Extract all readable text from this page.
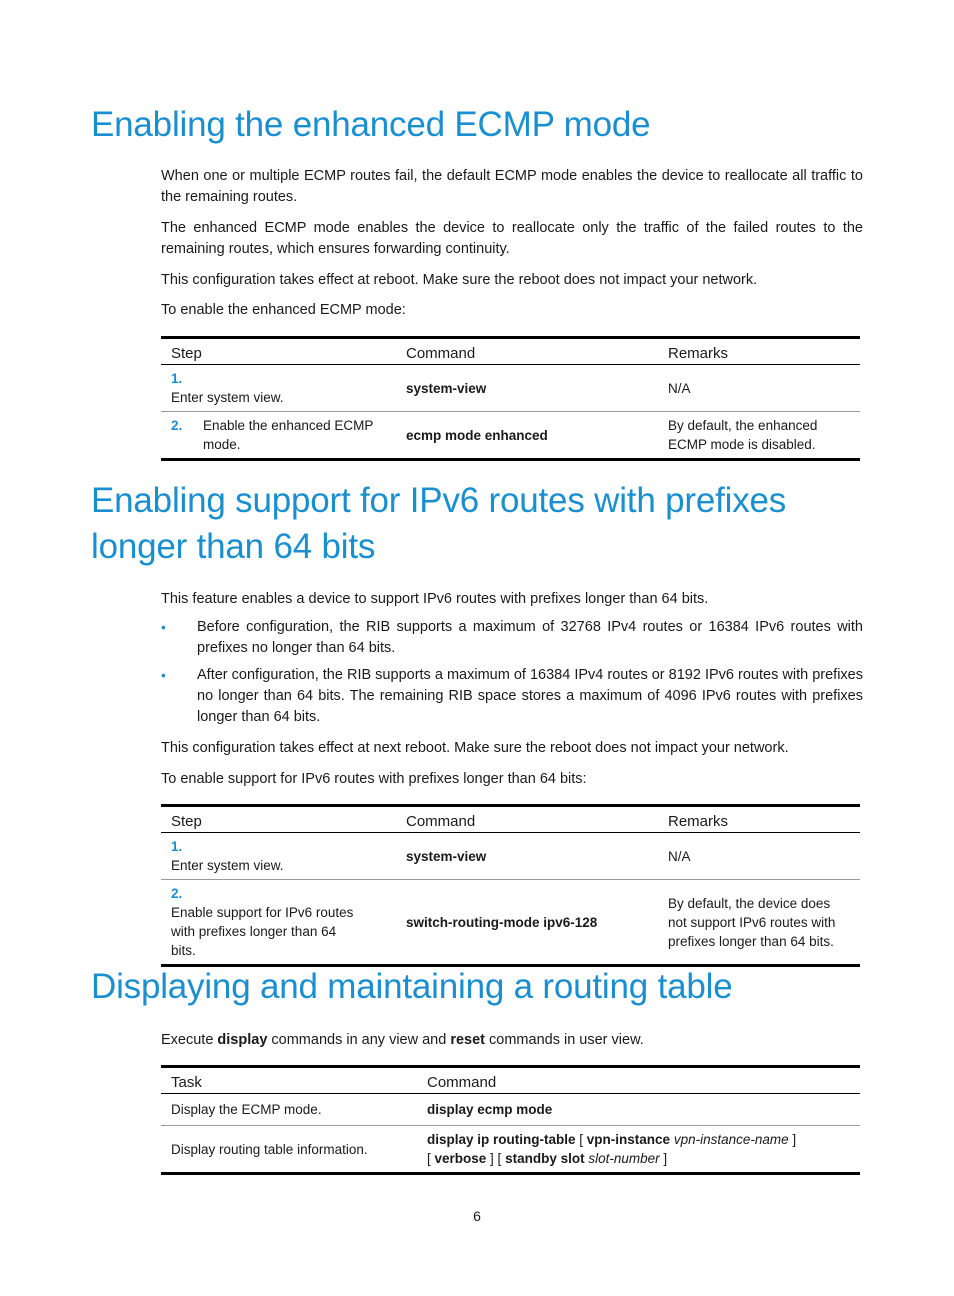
Enabling the enhanced ECMP mode

When one or multiple ECMP routes fail, the default ECMP mode enables the device to reallocate all traffic to the remaining routes.

The enhanced ECMP mode enables the device to reallocate only the traffic of the failed routes to the remaining routes, which ensures forwarding continuity.

This configuration takes effect at reboot. Make sure the reboot does not impact your network.

To enable the enhanced ECMP mode:

Step	Command	Remarks
1.Enter system view.	system-view	N/A
2. Enable the enhanced ECMP mode.	ecmp mode enhanced	By default, the enhanced ECMP mode is disabled.
Enabling support for IPv6 routes with prefixes longer than 64 bits

This feature enables a device to support IPv6 routes with prefixes longer than 64 bits.

• Before configuration, the RIB supports a maximum of 32768 IPv4 routes or 16384 IPv6 routes with prefixes no longer than 64 bits.
• After configuration, the RIB supports a maximum of 16384 IPv4 routes or 8192 IPv6 routes with prefixes no longer than 64 bits. The remaining RIB space stores a maximum of 4096 IPv6 routes with prefixes longer than 64 bits.

This configuration takes effect at next reboot. Make sure the reboot does not impact your network.

To enable support for IPv6 routes with prefixes longer than 64 bits:

Step	Command	Remarks
1.Enter system view.	system-view	N/A
2.Enable support for IPv6 routes with prefixes longer than 64 bits.	switch-routing-mode ipv6-128	By default, the device does not support IPv6 routes with prefixes longer than 64 bits.
Displaying and maintaining a routing table

Execute display commands in any view and reset commands in user view.

Task	Command
Display the ECMP mode.	display ecmp mode
Display routing table information.	display ip routing-table [ vpn-instance vpn-instance-name ]
[ verbose ] [ standby slot slot-number ]
6
